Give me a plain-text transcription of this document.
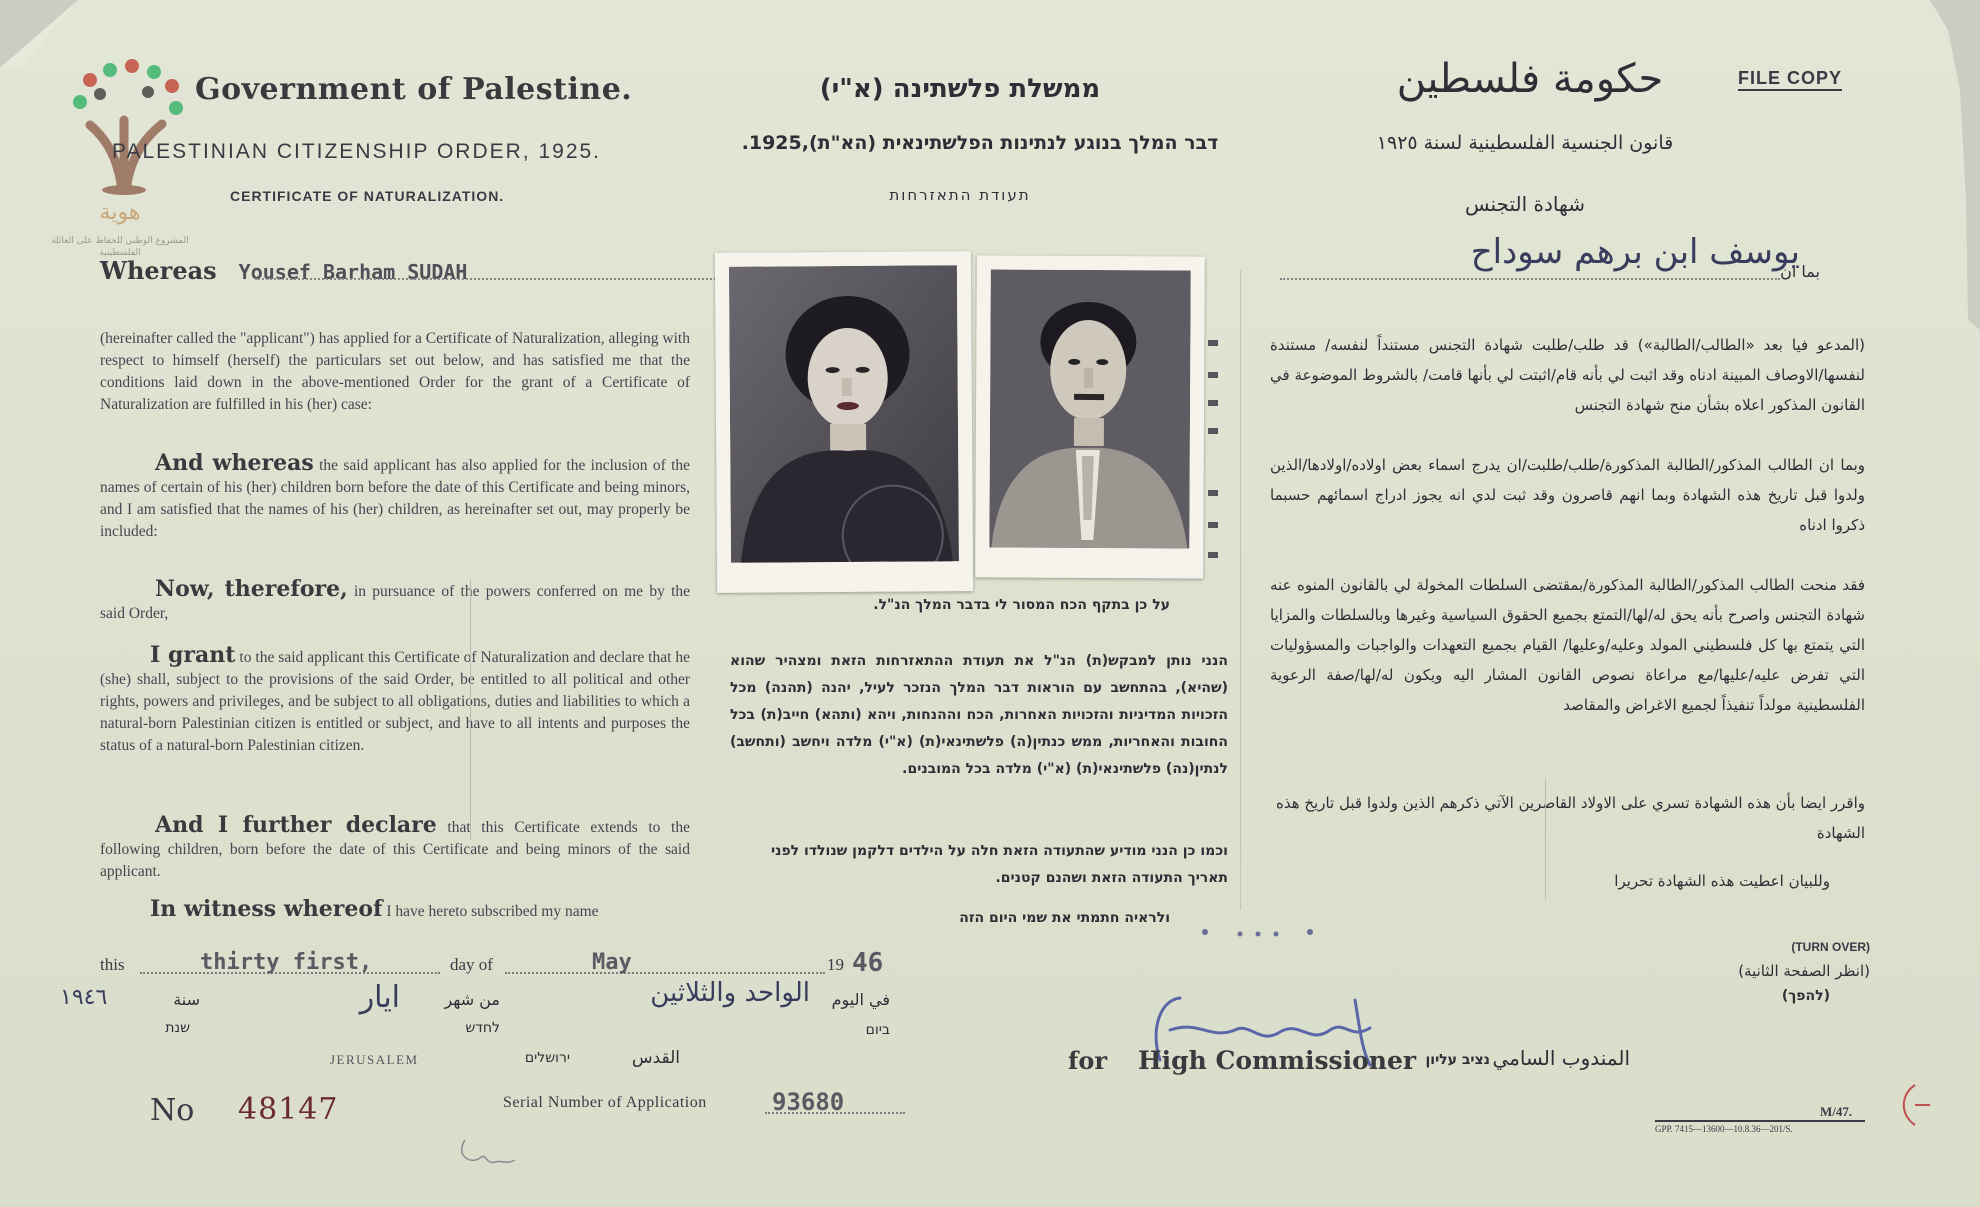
هوية
المشروع الوطني للحفاظ على العائلة الفلسطينية
Government of Palestine.
PALESTINIAN CITIZENSHIP ORDER, 1925.
CERTIFICATE OF NATURALIZATION.
ממשלת פלשתינה (א"י)
דבר המלך בנוגע לנתינות הפלשתינאית (הא"ת),1925.
תעודת התאזרחות
حكومة فلسطين
قانون الجنسية الفلسطينية لسنة ١٩٢٥
شهادة التجنس
FILE COPY
Whereas Yousef Barham SUDAH
(hereinafter called the "applicant") has applied for a Certificate of Naturalization, alleging with respect to himself (herself) the particulars set out below, and has satisfied me that the conditions laid down in the above-mentioned Order for the grant of a Certificate of Naturalization are fulfilled in his (her) case:
And whereas the said applicant has also applied for the inclusion of the names of certain of his (her) children born before the date of this Certificate and being minors, and I am satisfied that the names of his (her) children, as hereinafter set out, may properly be included:
Now, therefore, in pursuance of the powers conferred on me by the said Order,
I grant to the said applicant this Certificate of Naturalization and declare that he (she) shall, subject to the provisions of the said Order, be entitled to all political and other rights, powers and privileges, and be subject to all obligations, duties and liabilities to which a natural-born Palestinian citizen is entitled or subject, and have to all intents and purposes the status of a natural-born Palestinian citizen.
And I further declare that this Certificate extends to the following children, born before the date of this Certificate and being minors of the said applicant.
In witness whereof I have hereto subscribed my name
על כן בתקף הכח המסור לי בדבר המלך הנ"ל.
הנני נותן למבקש(ת) הנ"ל את תעודת ההתאזרחות הזאת ומצהיר שהוא (שהיא), בהתחשב עם הוראות דבר המלך הנזכר לעיל, יהנה (תהנה) מכל הזכויות המדיניות והזכויות האחרות, הכח וההנחות, ויהא (ותהא) חייב(ת) בכל החובות והאחריות, ממש כנתין(ה) פלשתינאי(ת) (א"י) מלדה ויחשב (ותחשב) לנתין(נה) פלשתינאי(ת) (א"י) מלדה בכל המובנים.
וכמו כן הנני מודיע שהתעודה הזאת חלה על הילדים דלקמן שנולדו לפני תאריך התעודה הזאת ושהנם קטנים.
ולראיה חתמתי את שמי היום הזה
بما ان
يوسف ابن برهم سوداح
(المدعو فيا بعد «الطالب/الطالبة») قد طلب/طلبت شهادة التجنس مستنداً لنفسه/ مستندة لنفسها/الاوصاف المبينة ادناه وقد اثبت لي بأنه قام/اثبتت لي بأنها قامت/ بالشروط الموضوعة في القانون المذكور اعلاه بشأن منح شهادة التجنس
وبما ان الطالب المذكور/الطالبة المذكورة/طلب/طلبت/ان يدرج اسماء بعض اولاده/اولادها/الذين ولدوا قبل تاريخ هذه الشهادة وبما انهم قاصرون وقد ثبت لدي انه يجوز ادراج اسمائهم حسبما ذكروا ادناه
فقد منحت الطالب المذكور/الطالبة المذكورة/بمقتضى السلطات المخولة لي بالقانون المنوه عنه شهادة التجنس واصرح بأنه يحق له/لها/التمتع بجميع الحقوق السياسية وغيرها وبالسلطات والمزايا التي يتمتع بها كل فلسطيني المولد وعليه/وعليها/ القيام بجميع التعهدات والواجبات والمسؤوليات التي تفرض عليه/عليها/مع مراعاة نصوص القانون المشار اليه ويكون له/لها/صفة الرعوية الفلسطينية مولداً تنفيذاً لجميع الاغراض والمقاصد
واقرر ايضا بأن هذه الشهادة تسري على الاولاد القاصرين الآتي ذكرهم الذين ولدوا قبل تاريخ هذه الشهادة
وللبيان اعطيت هذه الشهادة تحريرا
this	thirty first,	day of	May	19 46
١٩٤٦	سنة	ايار	من شهر	الواحد والثلاثين	في اليوم
שנת	לחדש	ביום
JERUSALEM	ירושלים	القدس	for High Commissioner נציב עליון المندوب السامي
(TURN OVER)
(انظر الصفحة الثانية)
(להפך)
No 48147	Serial Number of Application	93680	M/47.
GPP. 7415—13600—10.8.36—201/S.
